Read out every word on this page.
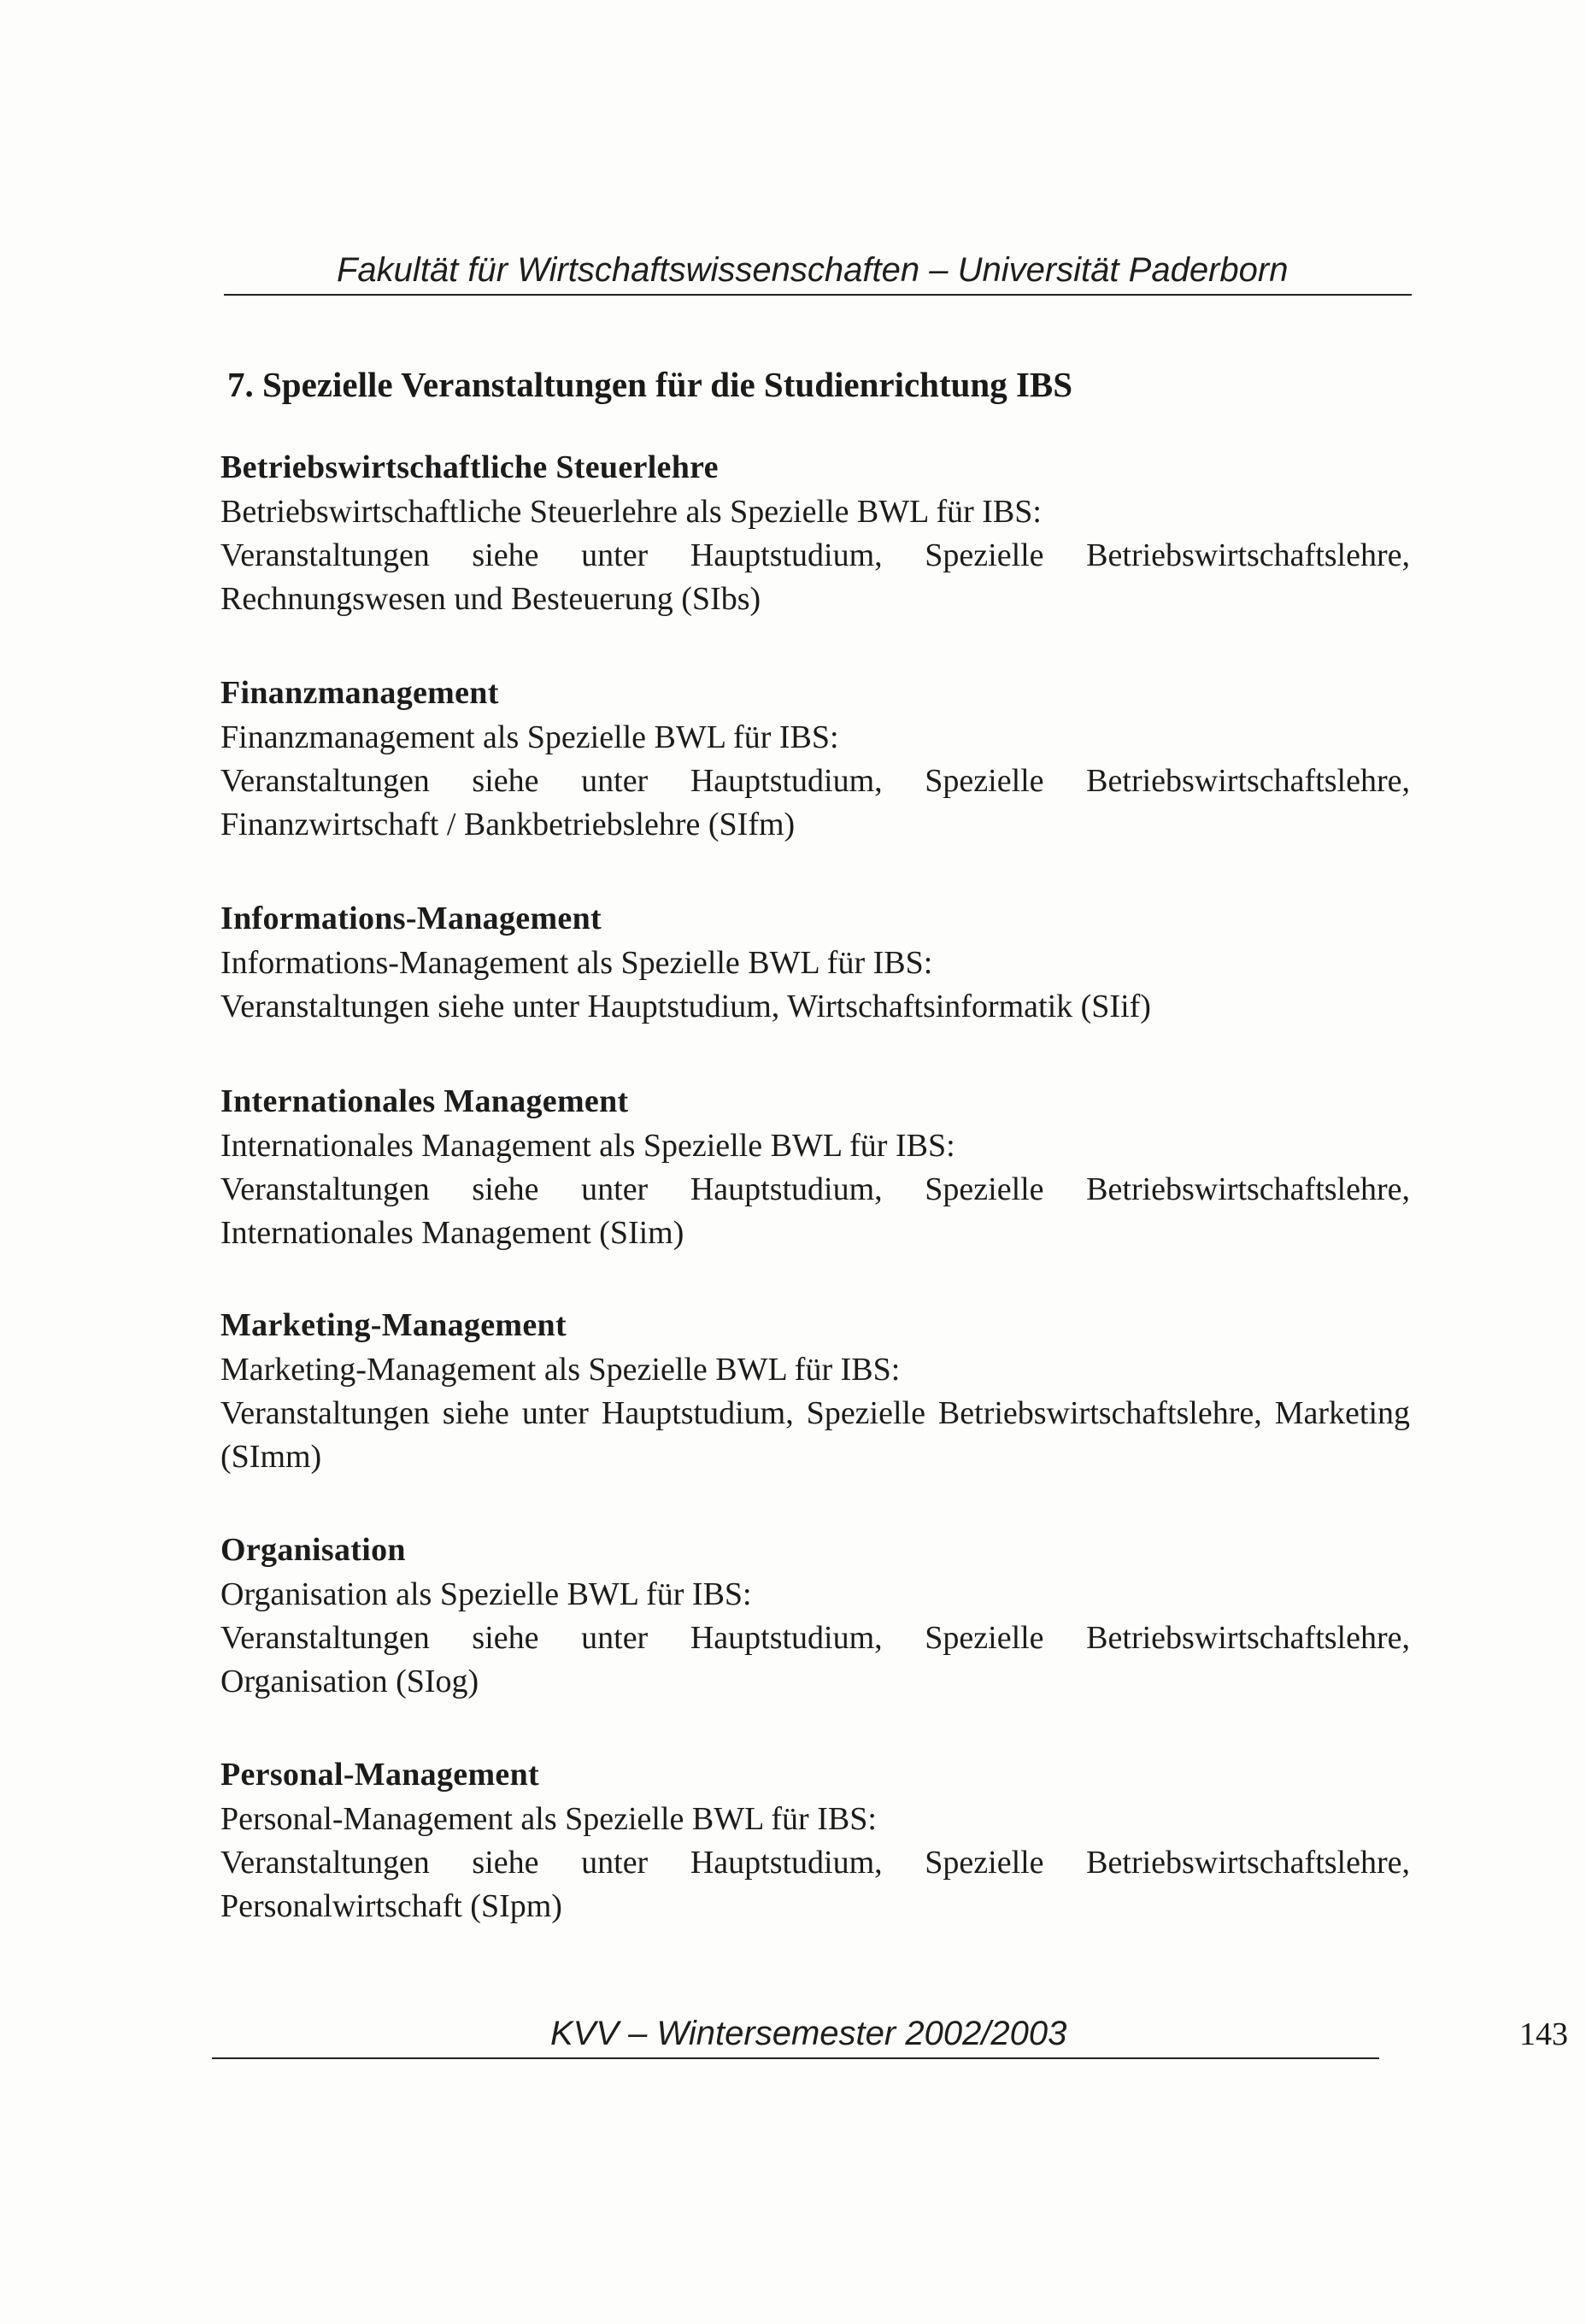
Fakultät für Wirtschaftswissenschaften – Universität Paderborn
7. Spezielle Veranstaltungen für die Studienrichtung IBS
Betriebswirtschaftliche Steuerlehre
Betriebswirtschaftliche Steuerlehre als Spezielle BWL für IBS:
Veranstaltungen siehe unter Hauptstudium, Spezielle Betriebswirtschaftslehre, Rechnungswesen und Besteuerung (SIbs)
Finanzmanagement
Finanzmanagement als Spezielle BWL für IBS:
Veranstaltungen siehe unter Hauptstudium, Spezielle Betriebswirtschaftslehre, Finanzwirtschaft / Bankbetriebslehre (SIfm)
Informations-Management
Informations-Management als Spezielle BWL für IBS:
Veranstaltungen siehe unter Hauptstudium, Wirtschaftsinformatik (SIif)
Internationales Management
Internationales Management als Spezielle BWL für IBS:
Veranstaltungen siehe unter Hauptstudium, Spezielle Betriebswirtschaftslehre, Internationales Management (SIim)
Marketing-Management
Marketing-Management als Spezielle BWL für IBS:
Veranstaltungen siehe unter Hauptstudium, Spezielle Betriebswirtschaftslehre, Marketing (SImm)
Organisation
Organisation als Spezielle BWL für IBS:
Veranstaltungen siehe unter Hauptstudium, Spezielle Betriebswirtschaftslehre, Organisation (SIog)
Personal-Management
Personal-Management als Spezielle BWL für IBS:
Veranstaltungen siehe unter Hauptstudium, Spezielle Betriebswirtschaftslehre, Personalwirtschaft (SIpm)
KVV – Wintersemester 2002/2003	143
